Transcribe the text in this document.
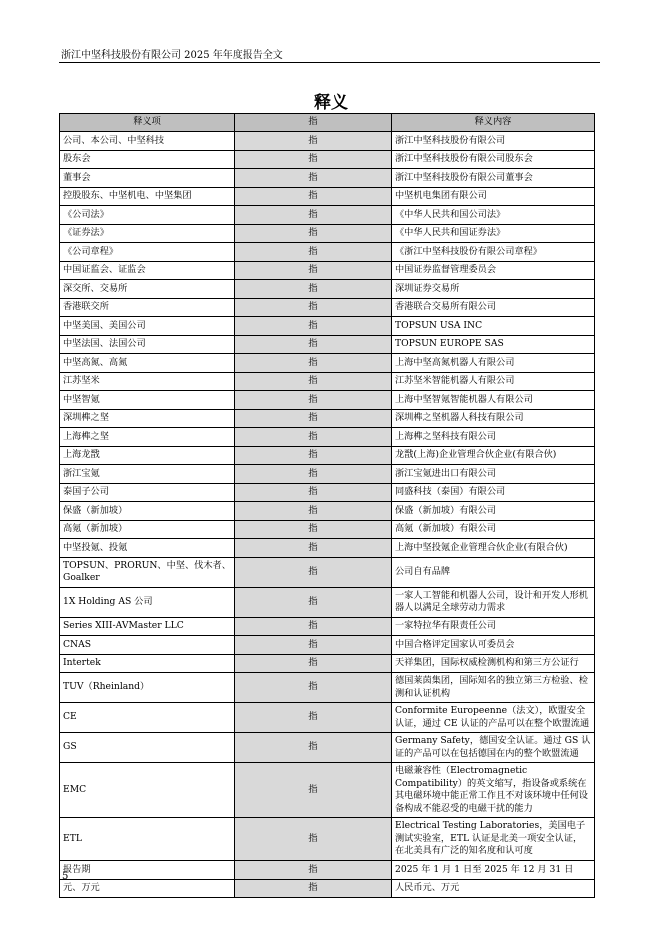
浙江中坚科技股份有限公司 2025 年年度报告全文
释义
释义项	指	释义内容
公司、本公司、中坚科技	指	浙江中坚科技股份有限公司
股东会	指	浙江中坚科技股份有限公司股东会
董事会	指	浙江中坚科技股份有限公司董事会
控股股东、中坚机电、中坚集团	指	中坚机电集团有限公司
《公司法》	指	《中华人民共和国公司法》
《证券法》	指	《中华人民共和国证券法》
《公司章程》	指	《浙江中坚科技股份有限公司章程》
中国证监会、证监会	指	中国证券监督管理委员会
深交所、交易所	指	深圳证券交易所
香港联交所	指	香港联合交易所有限公司
中坚美国、美国公司	指	TOPSUN USA INC
中坚法国、法国公司	指	TOPSUN EUROPE SAS
中坚高氮、高氮	指	上海中坚高氮机器人有限公司
江苏坚米	指	江苏坚米智能机器人有限公司
中坚智氪	指	上海中坚智氪智能机器人有限公司
深圳榫之坚	指	深圳榫之坚机器人科技有限公司
上海榫之坚	指	上海榫之坚科技有限公司
上海龙戬	指	龙戬(上海)企业管理合伙企业(有限合伙)
浙江宝氪	指	浙江宝氪进出口有限公司
泰国子公司	指	同盛科技（泰国）有限公司
保盛（新加坡）	指	保盛（新加坡）有限公司
高氪（新加坡）	指	高氪（新加坡）有限公司
中坚投氪、投氪	指	上海中坚投氪企业管理合伙企业(有限合伙)
TOPSUN、PRORUN、中坚、伐木者、Goalker	指	公司自有品牌
1X Holding AS 公司	指	一家人工智能和机器人公司，设计和开发人形机器人以满足全球劳动力需求
Series XIII-AVMaster LLC	指	一家特拉华有限责任公司
CNAS	指	中国合格评定国家认可委员会
Intertek	指	天祥集团，国际权威检测机构和第三方公证行
TUV（Rheinland）	指	德国莱茵集团，国际知名的独立第三方检验、检测和认证机构
CE	指	Conformite Europeenne（法文），欧盟安全认证，通过 CE 认证的产品可以在整个欧盟流通
GS	指	Germany Safety，德国安全认证。通过 GS 认证的产品可以在包括德国在内的整个欧盟流通
EMC	指	电磁兼容性（Electromagnetic Compatibility）的英文缩写，指设备或系统在其电磁环境中能正常工作且不对该环境中任何设备构成不能忍受的电磁干扰的能力
ETL	指	Electrical Testing Laboratories，美国电子测试实验室，ETL 认证是北美一项安全认证，在北美具有广泛的知名度和认可度
报告期	指	2025 年 1 月 1 日至 2025 年 12 月 31 日
元、万元	指	人民币元、万元
5
